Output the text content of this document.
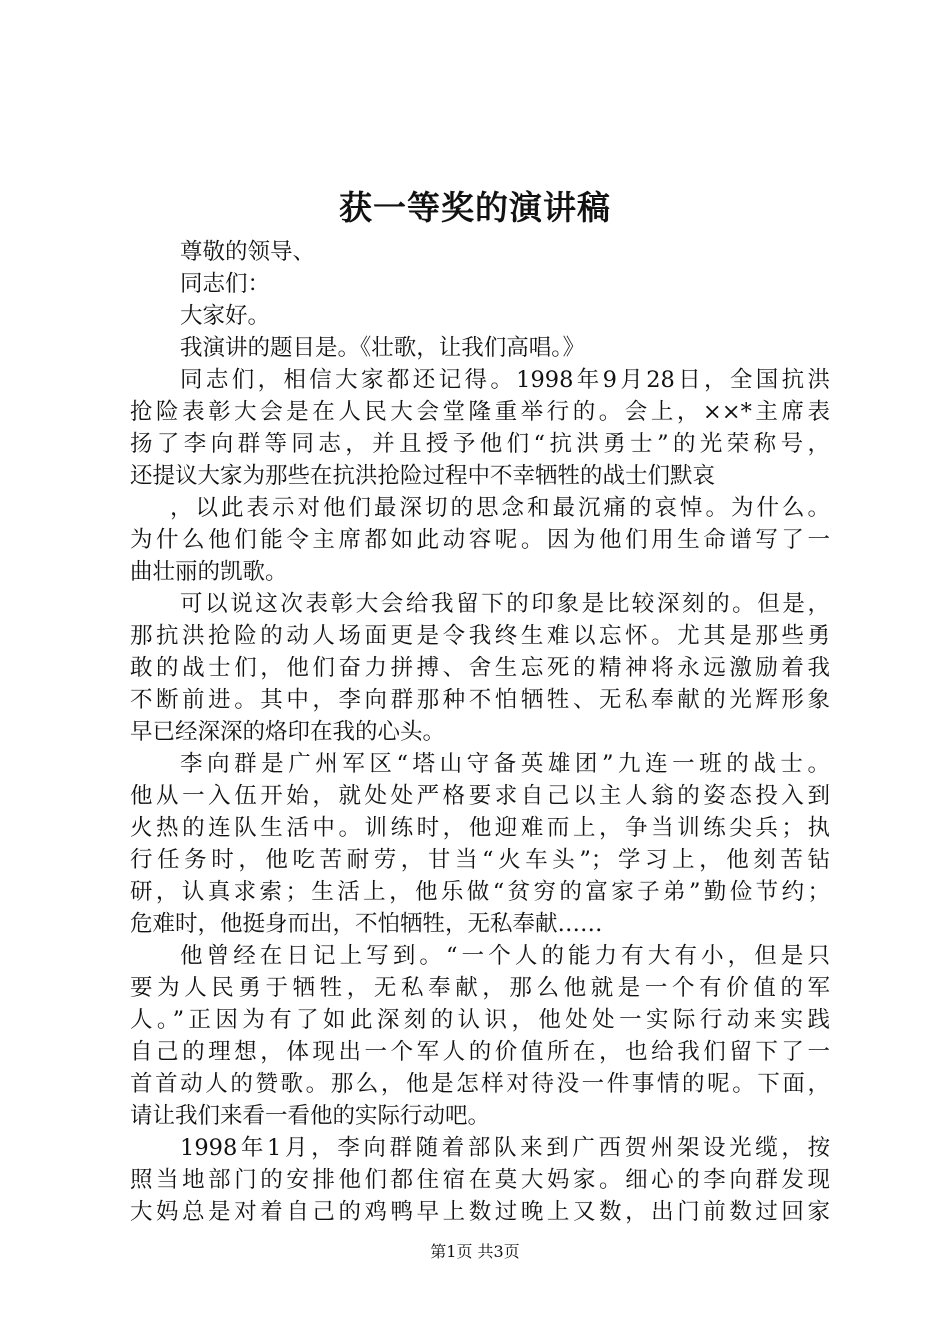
获一等奖的演讲稿
尊敬的领导、
同志们：
大家好。
我演讲的题目是。《壮歌，让我们高唱。》
同志们，相信大家都还记得。1998年9月28日，全国抗洪
抢险表彰大会是在人民大会堂隆重举行的。会上，××*主席表
扬了李向群等同志，并且授予他们“抗洪勇士”的光荣称号，
还提议大家为那些在抗洪抢险过程中不幸牺牲的战士们默哀
，以此表示对他们最深切的思念和最沉痛的哀悼。为什么。
为什么他们能令主席都如此动容呢。因为他们用生命谱写了一
曲壮丽的凯歌。
可以说这次表彰大会给我留下的印象是比较深刻的。但是，
那抗洪抢险的动人场面更是令我终生难以忘怀。尤其是那些勇
敢的战士们，他们奋力拼搏、舍生忘死的精神将永远激励着我
不断前进。其中，李向群那种不怕牺牲、无私奉献的光辉形象
早已经深深的烙印在我的心头。
李向群是广州军区“塔山守备英雄团”九连一班的战士。
他从一入伍开始，就处处严格要求自己以主人翁的姿态投入到
火热的连队生活中。训练时，他迎难而上，争当训练尖兵；执
行任务时，他吃苦耐劳，甘当“火车头”；学习上，他刻苦钻
研，认真求索；生活上，他乐做“贫穷的富家子弟”勤俭节约；
危难时，他挺身而出，不怕牺牲，无私奉献……
他曾经在日记上写到。“一个人的能力有大有小，但是只
要为人民勇于牺牲，无私奉献，那么他就是一个有价值的军
人。”正因为有了如此深刻的认识，他处处一实际行动来实践
自己的理想，体现出一个军人的价值所在，也给我们留下了一
首首动人的赞歌。那么，他是怎样对待没一件事情的呢。下面，
请让我们来看一看他的实际行动吧。
1998年1月，李向群随着部队来到广西贺州架设光缆，按
照当地部门的安排他们都住宿在莫大妈家。细心的李向群发现
大妈总是对着自己的鸡鸭早上数过晚上又数，出门前数过回家
第1页 共3页
